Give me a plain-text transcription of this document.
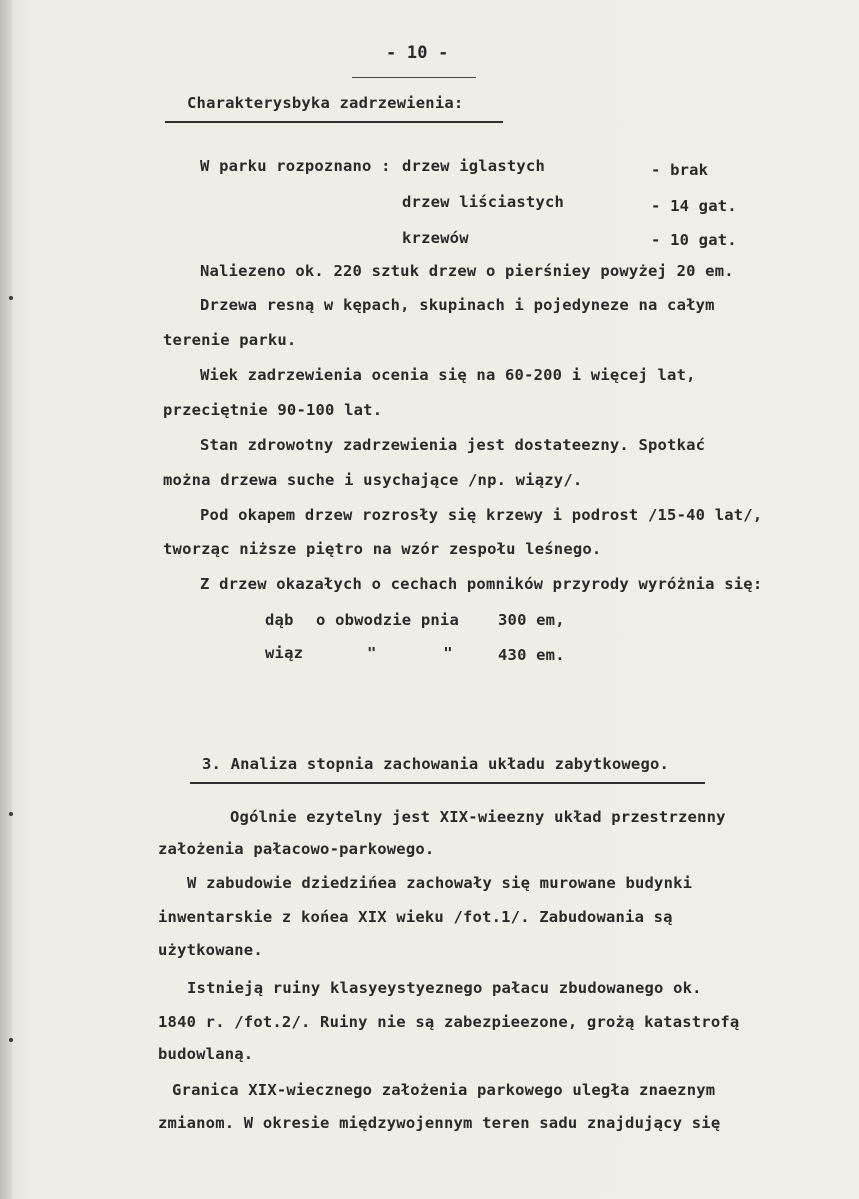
- 10 -
Charakterysbyka zadrzewienia:
W parku rozpoznano : drzew iglastych	- brak
drzew liściastych	- 14 gat.
krzewów	- 10 gat.
Naliezeno ok. 220 sztuk drzew o pierśniey powyżej 20 em.
Drzewa resną w kępach, skupinach i pojedyneze na całym
terenie parku.
Wiek zadrzewienia ocenia się na 60-200 i więcej lat,
przeciętnie 90-100 lat.
Stan zdrowotny zadrzewienia jest dostateezny. Spotkać
można drzewa suche i usychające /np. wiązy/.
Pod okapem drzew rozrosły się krzewy i podrost /15-40 lat/,
tworząc niższe piętro na wzór zespołu leśnego.
Z drzew okazałych o cechach pomników przyrody wyróżnia się:
dąb o obwodzie pnia	300 em,
wiąz	"       "	430 em.
3. Analiza stopnia zachowania układu zabytkowego.
Ogólnie ezytelny jest XIX-wieezny układ przestrzenny
założenia pałacowo-parkowego.
W zabudowie dziedzińea zachowały się murowane budynki
inwentarskie z końea XIX wieku /fot.1/. Zabudowania są
użytkowane.
Istnieją ruiny klasyeystyeznego pałacu zbudowanego ok.
1840 r. /fot.2/. Ruiny nie są zabezpieezone, grożą katastrofą
budowlaną.
Granica XIX-wiecznego założenia parkowego uległa znaeznym
zmianom. W okresie międzywojennym teren sadu znajdujący się
